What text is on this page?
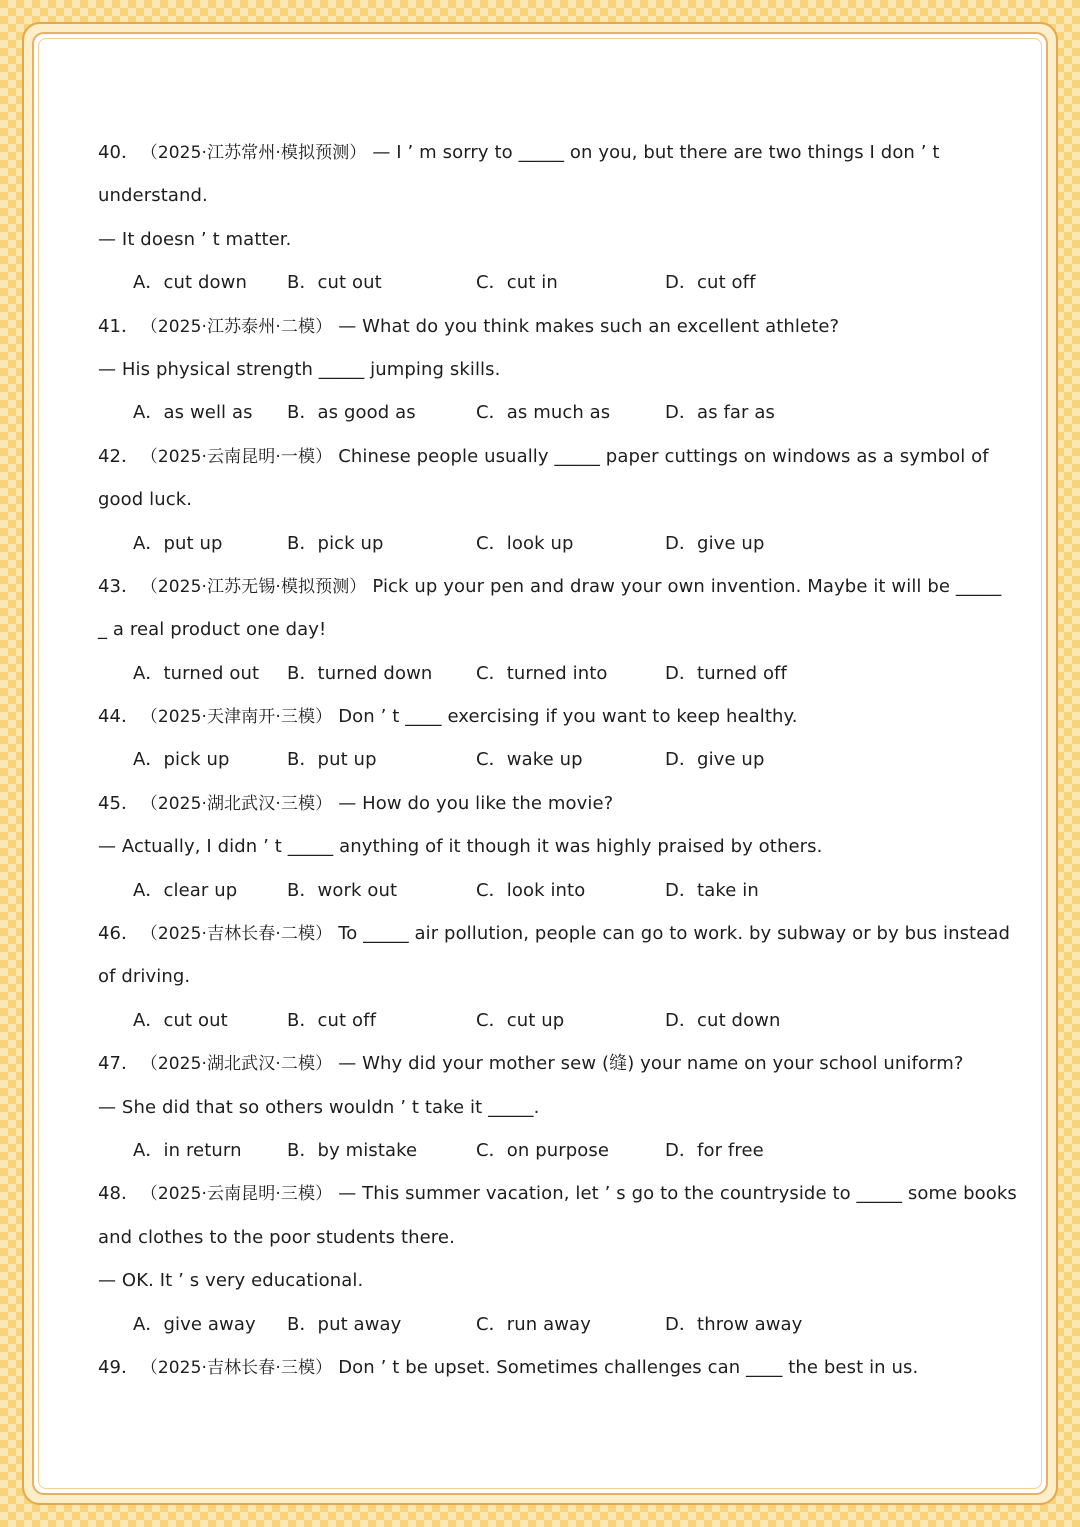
40． （2025·江苏常州·模拟预测） — I ’ m sorry to _____ on you, but there are two things I don ’ t
understand.
— It doesn ’ t matter.
A．cut down	B．cut out	C．cut in	D．cut off
41． （2025·江苏泰州·二模） — What do you think makes such an excellent athlete?
— His physical strength _____ jumping skills.
A．as well as	B．as good as	C．as much as	D．as far as
42． （2025·云南昆明·一模） Chinese people usually _____ paper cuttings on windows as a symbol of
good luck.
A．put up	B．pick up	C．look up	D．give up
43． （2025·江苏无锡·模拟预测） Pick up your pen and draw your own invention. Maybe it will be _____
_ a real product one day!
A．turned out	B．turned down	C．turned into	D．turned off
44． （2025·天津南开·三模） Don ’ t ____ exercising if you want to keep healthy.
A．pick up	B．put up	C．wake up	D．give up
45． （2025·湖北武汉·三模） — How do you like the movie?
— Actually, I didn ’ t _____ anything of it though it was highly praised by others.
A．clear up	B．work out	C．look into	D．take in
46． （2025·吉林长春·二模） To _____ air pollution, people can go to work. by subway or by bus instead
of driving.
A．cut out	B．cut off	C．cut up	D．cut down
47． （2025·湖北武汉·二模） — Why did your mother sew (缝) your name on your school uniform?
— She did that so others wouldn ’ t take it _____.
A．in return	B．by mistake	C．on purpose	D．for free
48． （2025·云南昆明·三模） — This summer vacation, let ’ s go to the countryside to _____ some books
and clothes to the poor students there.
— OK. It ’ s very educational.
A．give away	B．put away	C．run away	D．throw away
49． （2025·吉林长春·三模） Don ’ t be upset. Sometimes challenges can ____ the best in us.
